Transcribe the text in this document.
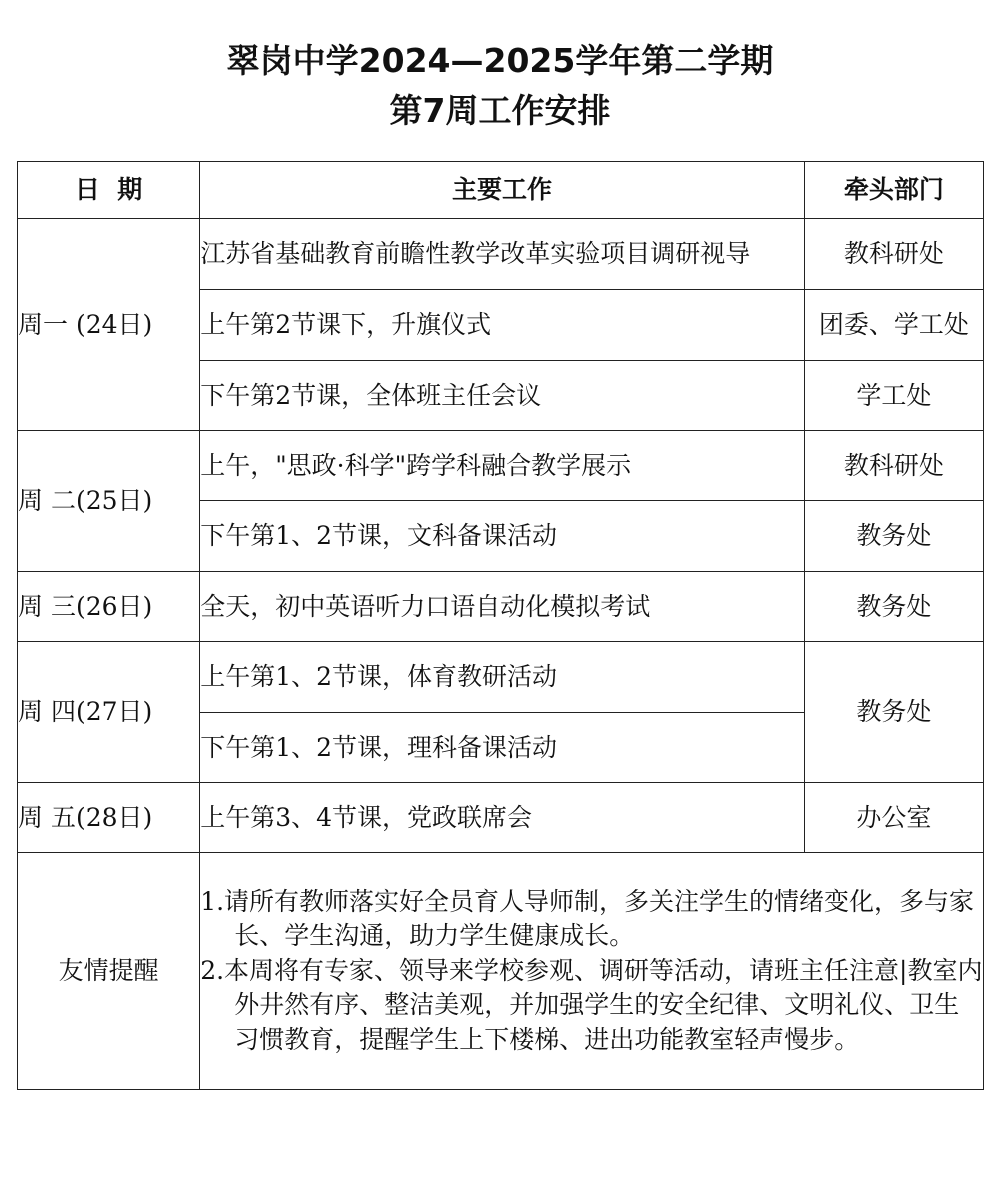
翠岗中学2024—2025学年第二学期
第7周工作安排
日  期	主要工作	牵头部门
周一 (24日)	江苏省基础教育前瞻性教学改革实验项目调研视导	教科研处
	上午第2节课下，升旗仪式	团委、学工处
	下午第2节课，全体班主任会议	学工处
周 二(25日)	上午，"思政·科学"跨学科融合教学展示	教科研处
	下午第1、2节课，文科备课活动	教务处
周 三(26日)	全天，初中英语听力口语自动化模拟考试	教务处
周 四(27日)	上午第1、2节课，体育教研活动	教务处
	下午第1、2节课，理科备课活动	
周 五(28日)	上午第3、4节课，党政联席会	办公室
友情提醒	1.请所有教师落实好全员育人导师制，多关注学生的情绪变化，多与家长、学生沟通，助力学生健康成长。

2.本周将有专家、领导来学校参观、调研等活动，请班主任注意|教室内外井然有序、整洁美观，并加强学生的安全纪律、文明礼仪、卫生习惯教育，提醒学生上下楼梯、进出功能教室轻声慢步。	
